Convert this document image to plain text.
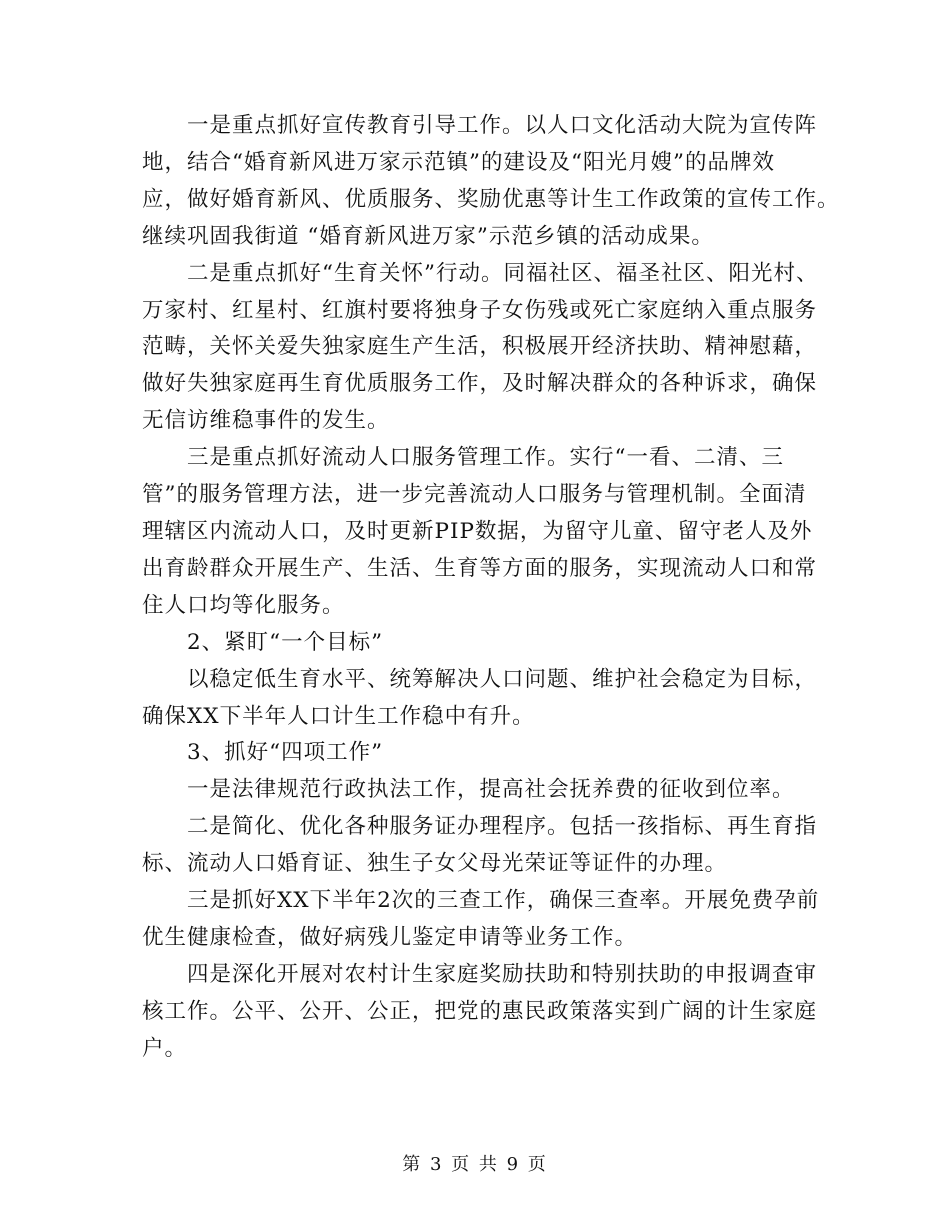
　　一是重点抓好宣传教育引导工作。以人口文化活动大院为宣传阵
地，结合“婚育新风进万家示范镇”的建设及“阳光月嫂”的品牌效
应，做好婚育新风、优质服务、奖励优惠等计生工作政策的宣传工作。
继续巩固我街道 “婚育新风进万家”示范乡镇的活动成果。
　　二是重点抓好“生育关怀”行动。同福社区、福圣社区、阳光村、
万家村、红星村、红旗村要将独身子女伤残或死亡家庭纳入重点服务
范畴，关怀关爱失独家庭生产生活，积极展开经济扶助、精神慰藉，
做好失独家庭再生育优质服务工作，及时解决群众的各种诉求，确保
无信访维稳事件的发生。
　　三是重点抓好流动人口服务管理工作。实行“一看、二清、三
管”的服务管理方法，进一步完善流动人口服务与管理机制。全面清
理辖区内流动人口，及时更新PIP数据，为留守儿童、留守老人及外
出育龄群众开展生产、生活、生育等方面的服务，实现流动人口和常
住人口均等化服务。
　　2、紧盯“一个目标”
　　以稳定低生育水平、统筹解决人口问题、维护社会稳定为目标，
确保XX下半年人口计生工作稳中有升。
　　3、抓好“四项工作”
　　一是法律规范行政执法工作，提高社会抚养费的征收到位率。
　　二是简化、优化各种服务证办理程序。包括一孩指标、再生育指
标、流动人口婚育证、独生子女父母光荣证等证件的办理。
　　三是抓好XX下半年2次的三查工作，确保三查率。开展免费孕前
优生健康检查，做好病残儿鉴定申请等业务工作。
　　四是深化开展对农村计生家庭奖励扶助和特别扶助的申报调查审
核工作。公平、公开、公正，把党的惠民政策落实到广阔的计生家庭
户。
第 3 页 共 9 页
